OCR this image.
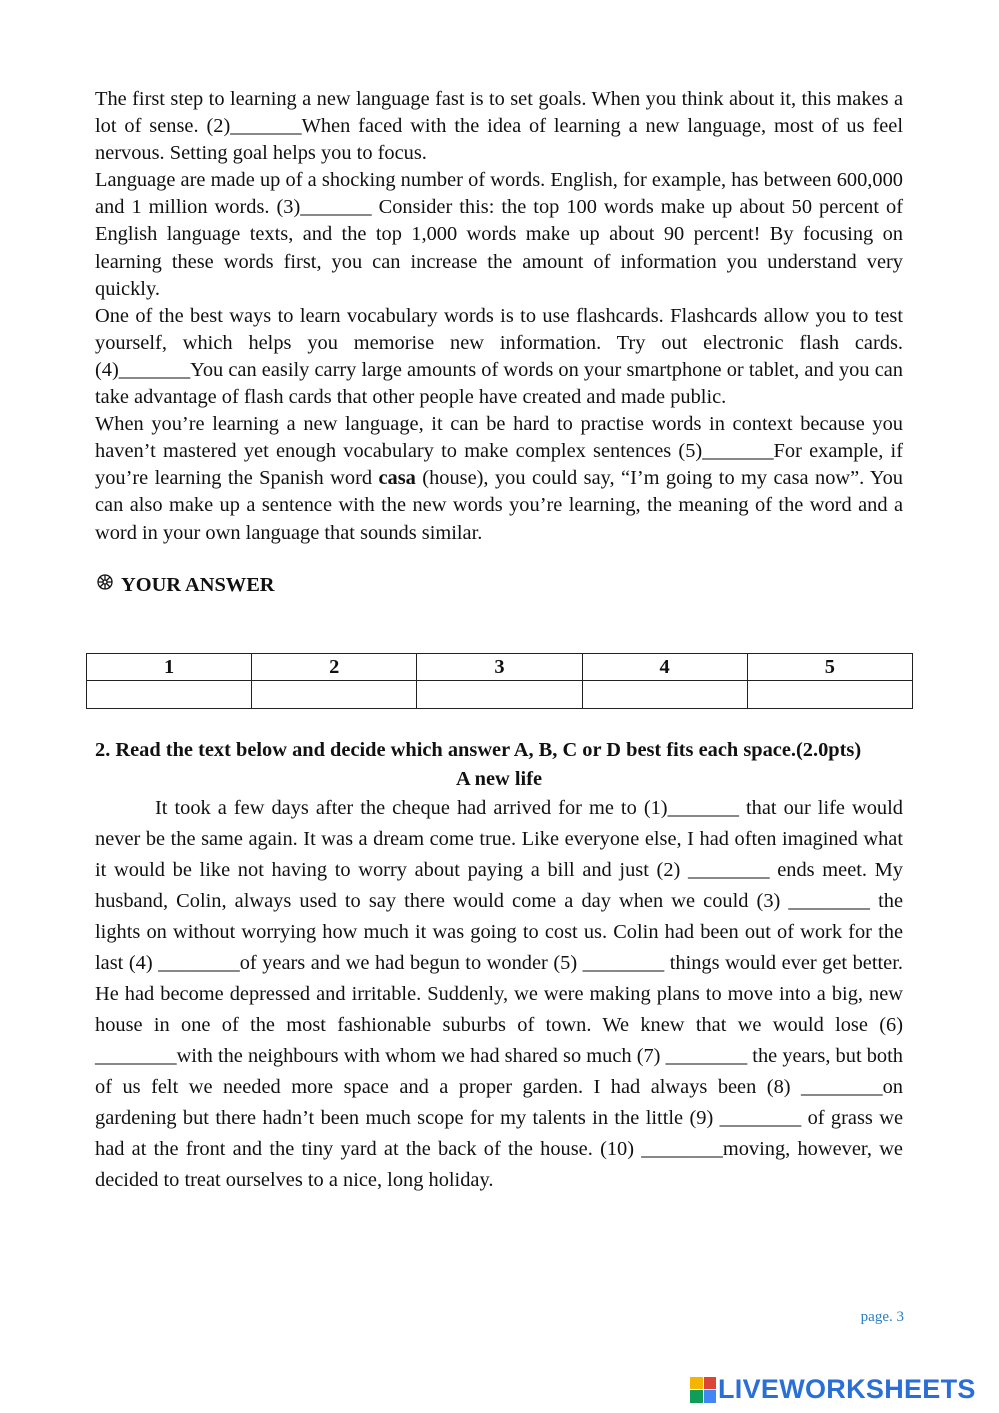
The first step to learning a new language fast is to set goals. When you think about it, this makes a lot of sense. (2)_______When faced with the idea of learning a new language, most of us feel nervous. Setting goal helps you to focus.

Language are made up of a shocking number of words. English, for example, has between 600,000 and 1 million words. (3)_______ Consider this: the top 100 words make up about 50 percent of English language texts, and the top 1,000 words make up about 90 percent! By focusing on learning these words first, you can increase the amount of information you understand very quickly.

One of the best ways to learn vocabulary words is to use flashcards. Flashcards allow you to test yourself, which helps you memorise new information. Try out electronic flash cards. (4)_______You can easily carry large amounts of words on your smartphone or tablet, and you can take advantage of flash cards that other people have created and made public.

When you’re learning a new language, it can be hard to practise words in context because you haven’t mastered yet enough vocabulary to make complex sentences (5)_______For example, if you’re learning the Spanish word casa (house), you could say, “I’m going to my casa now”. You can also make up a sentence with the new words you’re learning, the meaning of the word and a word in your own language that sounds similar.

YOUR ANSWER
1	2	3	4	5

2. Read the text below and decide which answer A, B, C or D best fits each space.(2.0pts)

A new life

It took a few days after the cheque had arrived for me to (1)_______ that our life would never be the same again. It was a dream come true. Like everyone else, I had often imagined what it would be like not having to worry about paying a bill and just (2) ________ ends meet. My husband, Colin, always used to say there would come a day when we could (3) ________ the lights on without worrying how much it was going to cost us. Colin had been out of work for the last (4) ________of years and we had begun to wonder (5) ________ things would ever get better. He had become depressed and irritable. Suddenly, we were making plans to move into a big, new house in one of the most fashionable suburbs of town. We knew that we would lose (6) ________with the neighbours with whom we had shared so much (7) ________ the years, but both of us felt we needed more space and a proper garden. I had always been (8) ________on gardening but there hadn’t been much scope for my talents in the little (9) ________ of grass we had at the front and the tiny yard at the back of the house. (10) ________moving, however, we decided to treat ourselves to a nice, long holiday.

page. 3
LIVEWORKSHEETS
